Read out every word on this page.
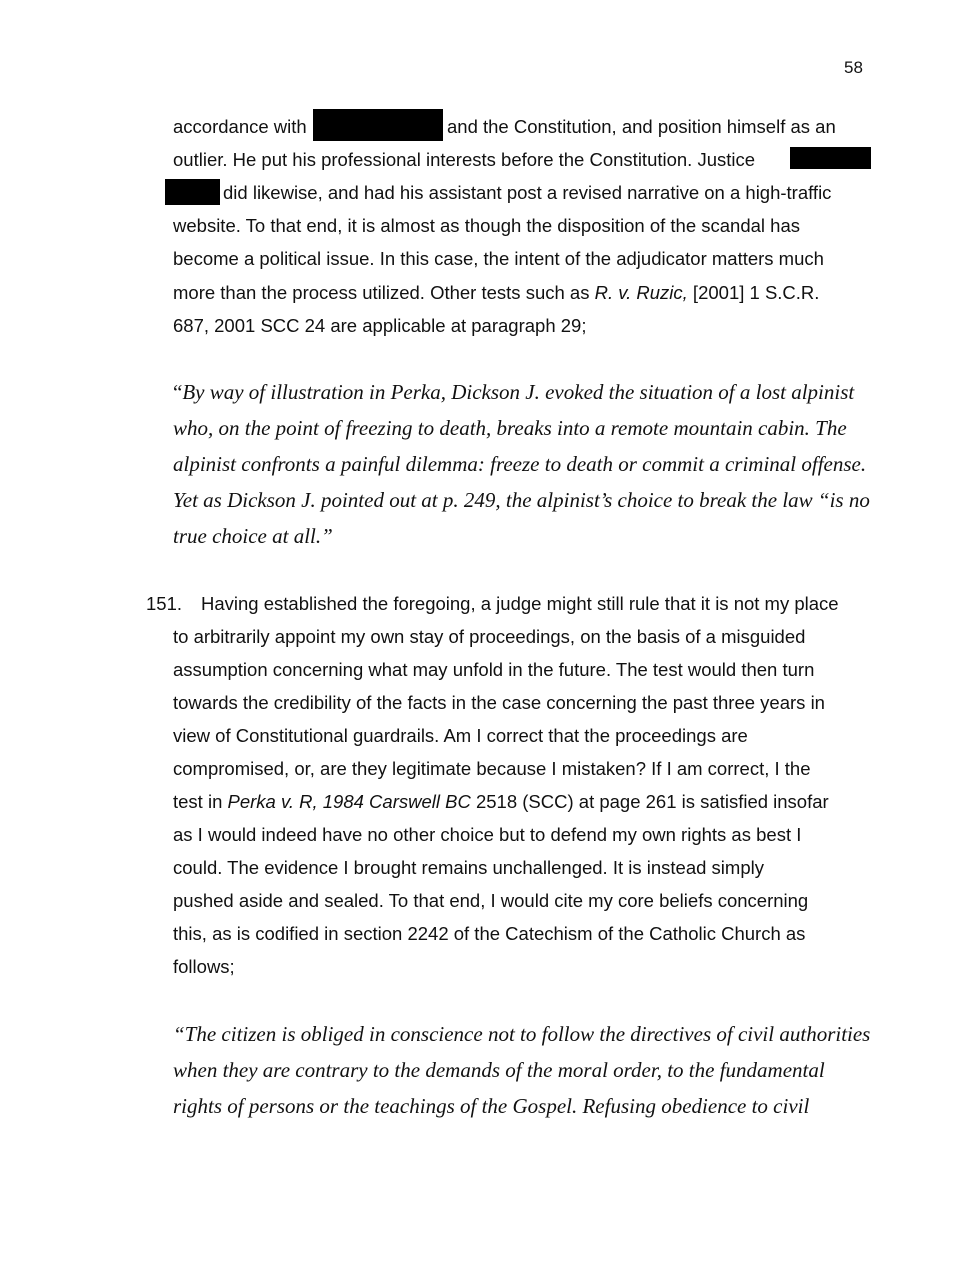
58
accordance with	and the Constitution, and position himself as an
outlier. He put his professional interests before the Constitution. Justice
did likewise, and had his assistant post a revised narrative on a high-traffic
website. To that end, it is almost as though the disposition of the scandal has
become a political issue. In this case, the intent of the adjudicator matters much
more than the process utilized. Other tests such as R. v. Ruzic, [2001] 1 S.C.R.
687, 2001 SCC 24 are applicable at paragraph 29;
“By way of illustration in Perka, Dickson J. evoked the situation of a lost alpinist
who, on the point of freezing to death, breaks into a remote mountain cabin. The
alpinist confronts a painful dilemma: freeze to death or commit a criminal offense.
Yet as Dickson J. pointed out at p. 249, the alpinist’s choice to break the law “is no
true choice at all.”
151. Having established the foregoing, a judge might still rule that it is not my place
to arbitrarily appoint my own stay of proceedings, on the basis of a misguided
assumption concerning what may unfold in the future. The test would then turn
towards the credibility of the facts in the case concerning the past three years in
view of Constitutional guardrails. Am I correct that the proceedings are
compromised, or, are they legitimate because I mistaken? If I am correct, I the
test in Perka v. R, 1984 Carswell BC 2518 (SCC) at page 261 is satisfied insofar
as I would indeed have no other choice but to defend my own rights as best I
could. The evidence I brought remains unchallenged. It is instead simply
pushed aside and sealed. To that end, I would cite my core beliefs concerning
this, as is codified in section 2242 of the Catechism of the Catholic Church as
follows;
“The citizen is obliged in conscience not to follow the directives of civil authorities
when they are contrary to the demands of the moral order, to the fundamental
rights of persons or the teachings of the Gospel. Refusing obedience to civil
